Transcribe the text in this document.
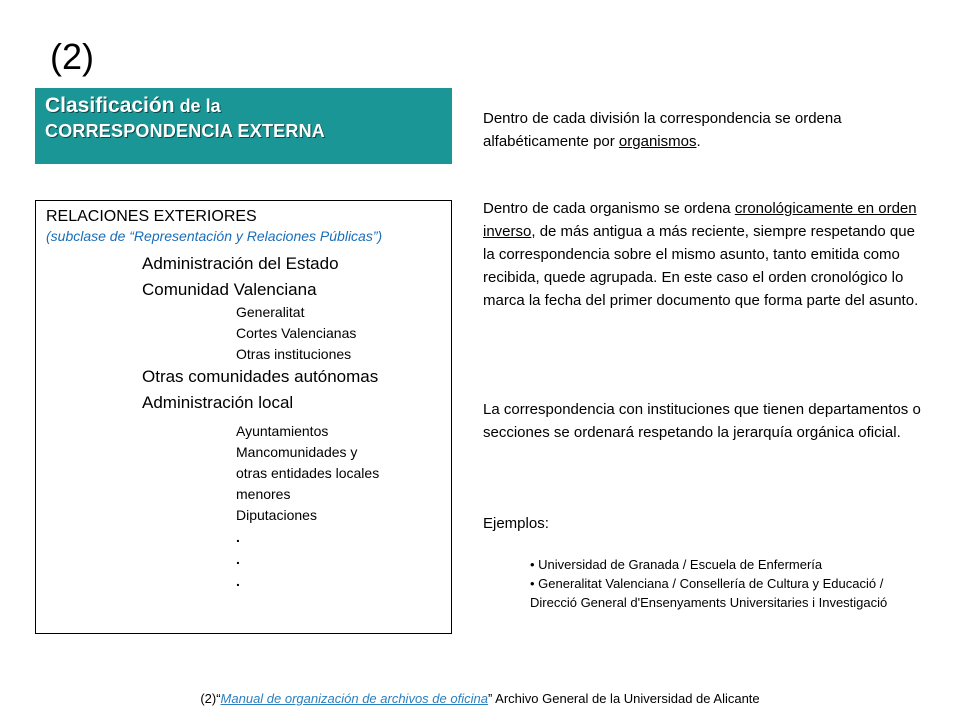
(2)
Clasificación de la
CORRESPONDENCIA EXTERNA
RELACIONES EXTERIORES
(subclase de “Representación y Relaciones Públicas”)
Administración del Estado
Comunidad Valenciana
Generalitat
Cortes Valencianas
Otras instituciones
Otras comunidades autónomas
Administración local
Ayuntamientos
Mancomunidades y
otras entidades locales
menores
Diputaciones
.
.
.
Dentro de cada división la correspondencia se ordena alfabéticamente por organismos.
Dentro de cada organismo se ordena cronológicamente en orden inverso, de más antigua a más reciente, siempre respetando que la correspondencia sobre el mismo asunto, tanto emitida como recibida, quede agrupada. En este caso el orden cronológico lo marca la fecha del primer documento que forma parte del asunto.
La correspondencia con instituciones que tienen departamentos o secciones se ordenará respetando la jerarquía orgánica oficial.
Ejemplos:
• Universidad de Granada / Escuela de Enfermería
• Generalitat Valenciana / Consellería de Cultura y Educació / Direcció General d'Ensenyaments Universitaries i Investigació
(2)“Manual de organización de archivos de oficina” Archivo General de la Universidad de Alicante
